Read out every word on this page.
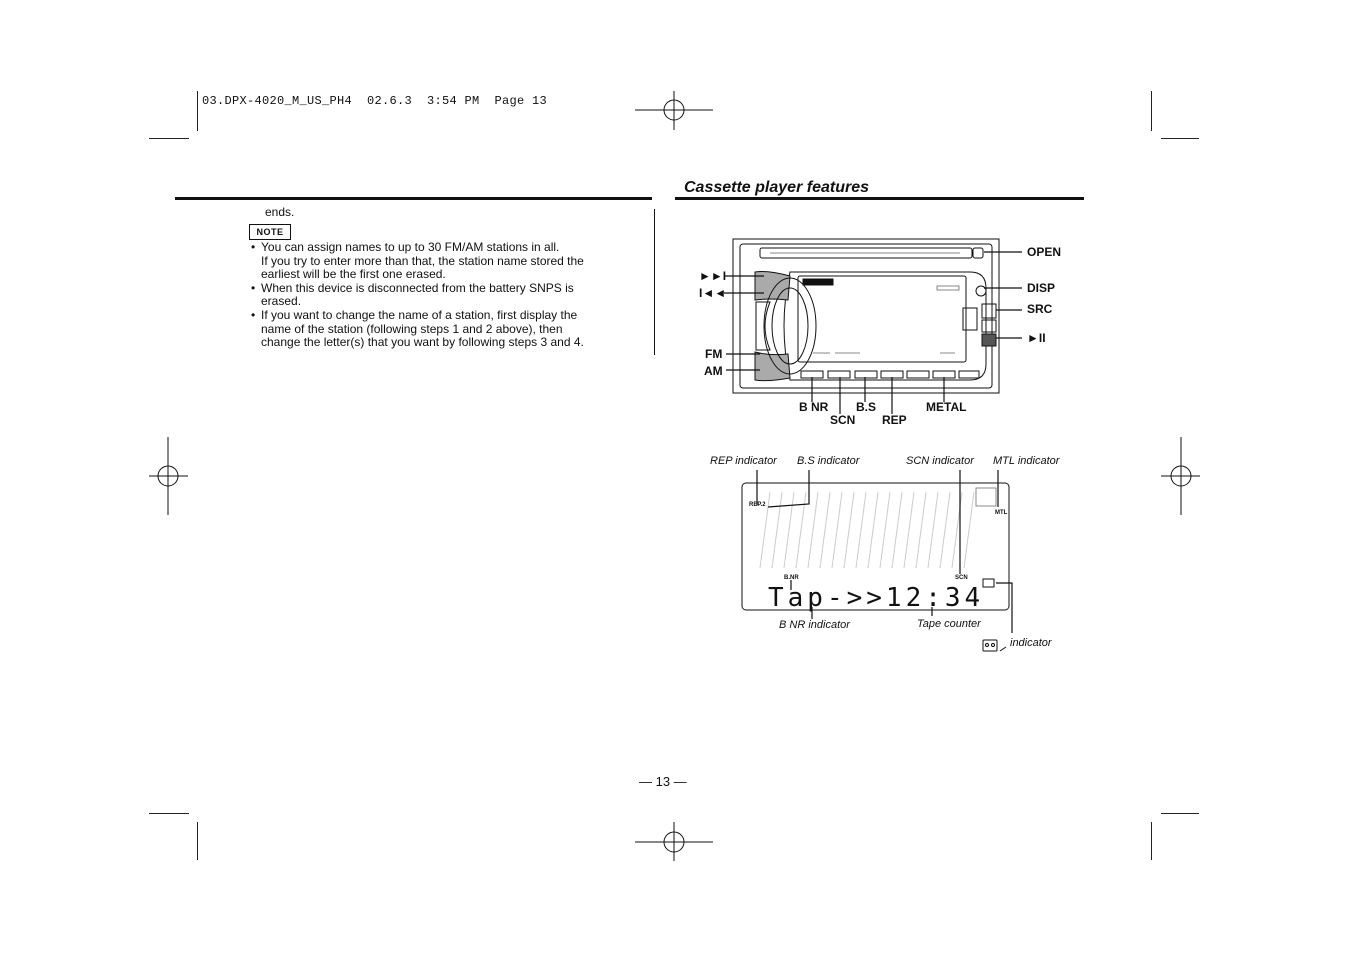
03.DPX-4020_M_US_PH4  02.6.3  3:54 PM  Page 13
Cassette player features
ends.
NOTE
• You can assign names to up to 30 FM/AM stations in all.
If you try to enter more than that, the station name stored the
earliest will be the first one erased.
• When this device is disconnected from the battery SNPS is
erased.
• If you want to change the name of a station, first display the
name of the station (following steps 1 and 2 above), then
change the letter(s) that you want by following steps 3 and 4.
OPEN
DISP
SRC
►II
►►I
I◄◄
FM
AM
B NR
SCN
B.S
REP
METAL
REP indicator B.S indicator	SCN indicator MTL indicator
B NR indicator	Tape counter
indicator
REP.2
MTL
SCN
B.NR
Tap->>12:34
— 13 —
